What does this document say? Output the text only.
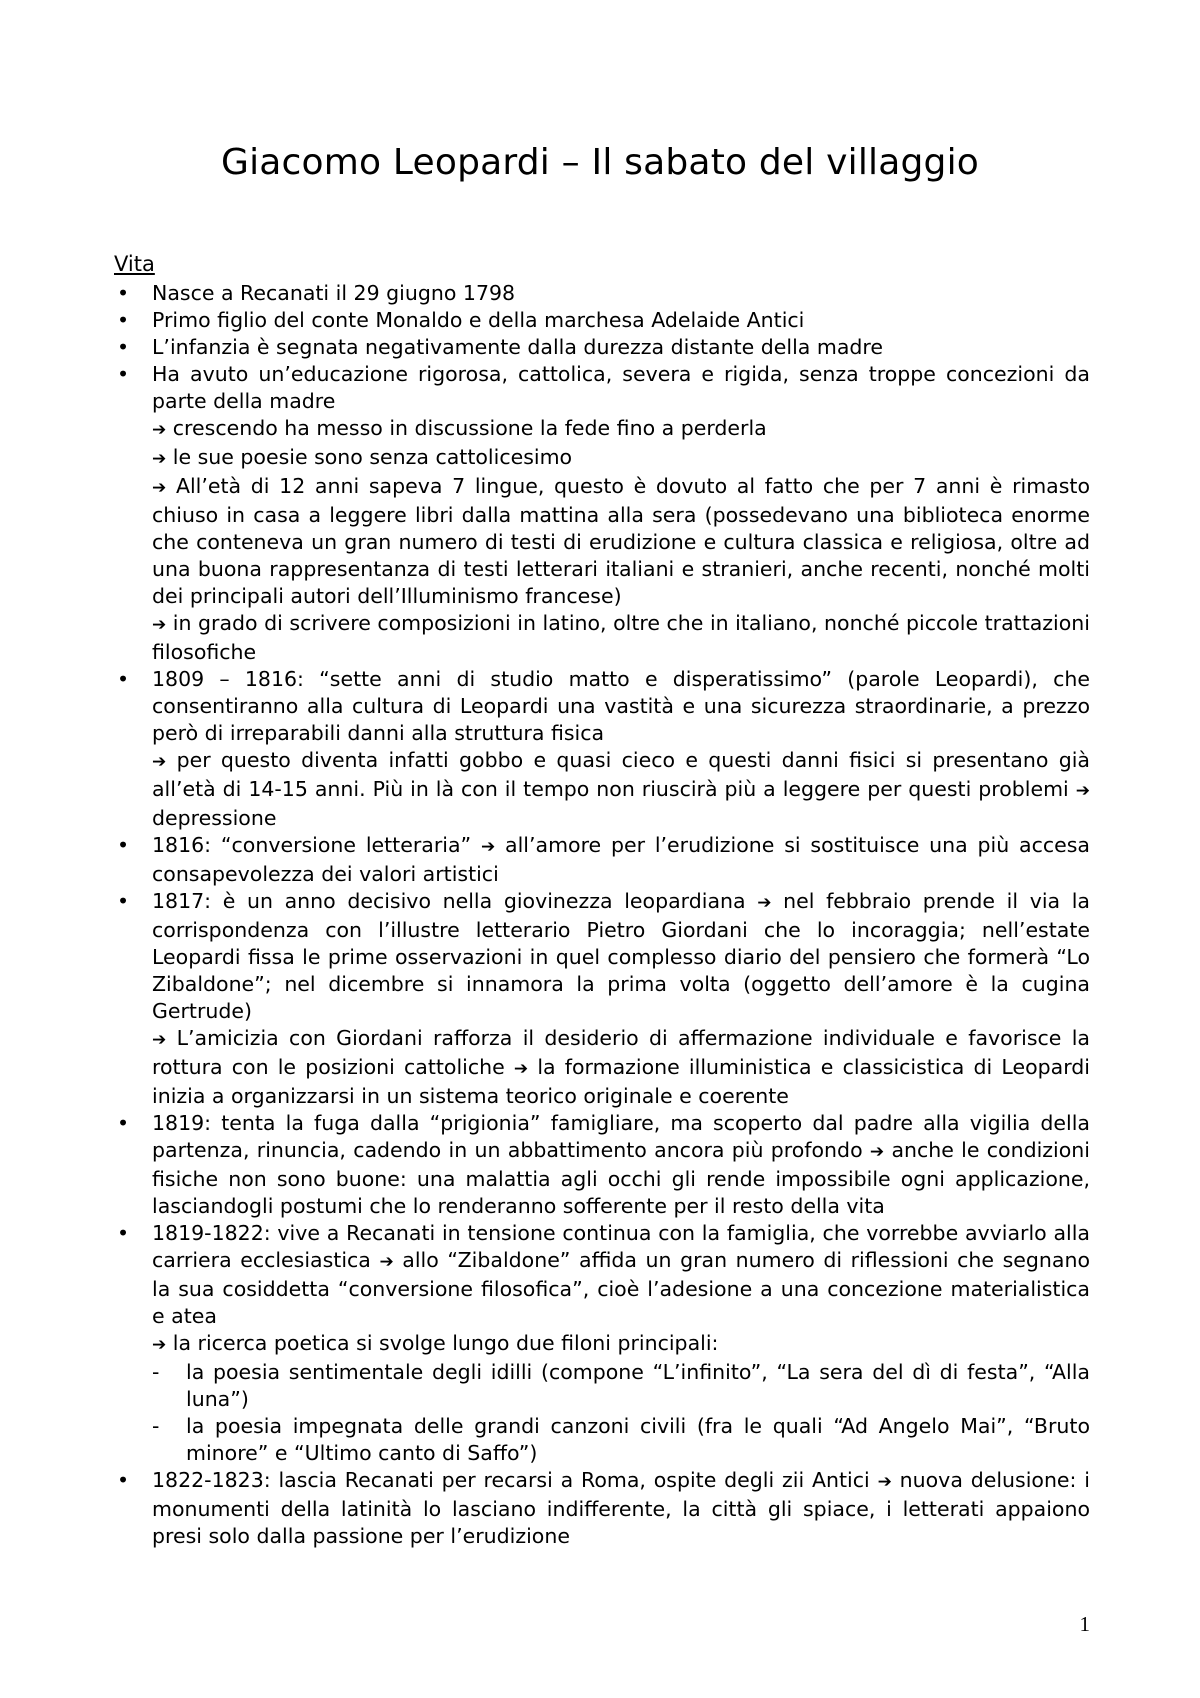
Giacomo Leopardi – Il sabato del villaggio
Vita
• Nasce a Recanati il 29 giugno 1798
• Primo figlio del conte Monaldo e della marchesa Adelaide Antici
• L’infanzia è segnata negativamente dalla durezza distante della madre
• Ha avuto un’educazione rigorosa, cattolica, severa e rigida, senza troppe concezioni da parte della madre
➔ crescendo ha messo in discussione la fede fino a perderla
➔ le sue poesie sono senza cattolicesimo
➔ All’età di 12 anni sapeva 7 lingue, questo è dovuto al fatto che per 7 anni è rimasto chiuso in casa a leggere libri dalla mattina alla sera (possedevano una biblioteca enorme che conteneva un gran numero di testi di erudizione e cultura classica e religiosa, oltre ad una buona rappresentanza di testi letterari italiani e stranieri, anche recenti, nonché molti dei principali autori dell’Illuminismo francese)
➔ in grado di scrivere composizioni in latino, oltre che in italiano, nonché piccole trattazioni filosofiche
• 1809 – 1816: “sette anni di studio matto e disperatissimo” (parole Leopardi), che consentiranno alla cultura di Leopardi una vastità e una sicurezza straordinarie, a prezzo però di irreparabili danni alla struttura fisica
➔ per questo diventa infatti gobbo e quasi cieco e questi danni fisici si presentano già all’età di 14-15 anni. Più in là con il tempo non riuscirà più a leggere per questi problemi ➔ depressione
• 1816: “conversione letteraria” ➔ all’amore per l’erudizione si sostituisce una più accesa consapevolezza dei valori artistici
• 1817: è un anno decisivo nella giovinezza leopardiana ➔ nel febbraio prende il via la corrispondenza con l’illustre letterario Pietro Giordani che lo incoraggia; nell’estate Leopardi fissa le prime osservazioni in quel complesso diario del pensiero che formerà “Lo Zibaldone”; nel dicembre si innamora la prima volta (oggetto dell’amore è la cugina Gertrude)
➔ L’amicizia con Giordani rafforza il desiderio di affermazione individuale e favorisce la rottura con le posizioni cattoliche ➔ la formazione illuministica e classicistica di Leopardi inizia a organizzarsi in un sistema teorico originale e coerente
• 1819: tenta la fuga dalla “prigionia” famigliare, ma scoperto dal padre alla vigilia della partenza, rinuncia, cadendo in un abbattimento ancora più profondo ➔ anche le condizioni fisiche non sono buone: una malattia agli occhi gli rende impossibile ogni applicazione, lasciandogli postumi che lo renderanno sofferente per il resto della vita
• 1819-1822: vive a Recanati in tensione continua con la famiglia, che vorrebbe avviarlo alla carriera ecclesiastica ➔ allo “Zibaldone” affida un gran numero di riflessioni che segnano la sua cosiddetta “conversione filosofica”, cioè l’adesione a una concezione materialistica e atea
➔ la ricerca poetica si svolge lungo due filoni principali:
- la poesia sentimentale degli idilli (compone “L’infinito”, “La sera del dì di festa”, “Alla luna”)
- la poesia impegnata delle grandi canzoni civili (fra le quali “Ad Angelo Mai”, “Bruto minore” e “Ultimo canto di Saffo”)
• 1822-1823: lascia Recanati per recarsi a Roma, ospite degli zii Antici ➔ nuova delusione: i monumenti della latinità lo lasciano indifferente, la città gli spiace, i letterati appaiono presi solo dalla passione per l’erudizione
1
